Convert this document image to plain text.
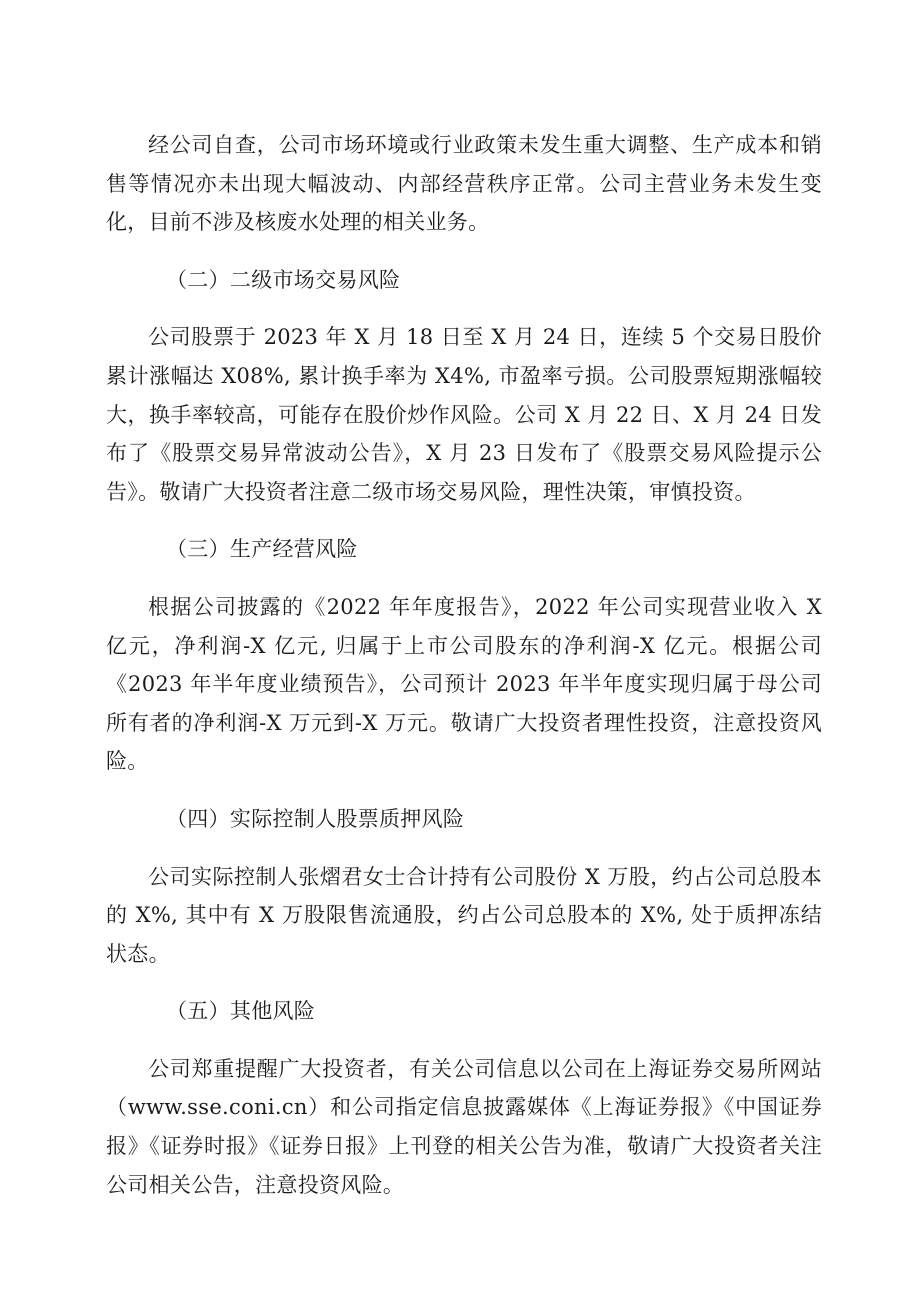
经公司自查，公司市场环境或行业政策未发生重大调整、生产成本和销售等情况亦未出现大幅波动、内部经营秩序正常。公司主营业务未发生变化，目前不涉及核废水处理的相关业务。

（二）二级市场交易风险

公司股票于 2023 年 X 月 18 日至 X 月 24 日，连续 5 个交易日股价累计涨幅达 X08%, 累计换手率为 X4%, 市盈率亏损。公司股票短期涨幅较大，换手率较高，可能存在股价炒作风险。公司 X 月 22 日、X 月 24 日发布了《股票交易异常波动公告》，X 月 23 日发布了《股票交易风险提示公告》。敬请广大投资者注意二级市场交易风险，理性决策，审慎投资。

（三）生产经营风险

根据公司披露的《2022 年年度报告》，2022 年公司实现营业收入 X 亿元，净利润-X 亿元, 归属于上市公司股东的净利润-X 亿元。根据公司《2023 年半年度业绩预告》，公司预计 2023 年半年度实现归属于母公司所有者的净利润-X 万元到-X 万元。敬请广大投资者理性投资，注意投资风险。

（四）实际控制人股票质押风险

公司实际控制人张熠君女士合计持有公司股份 X 万股，约占公司总股本的 X%, 其中有 X 万股限售流通股，约占公司总股本的 X%, 处于质押冻结状态。

（五）其他风险

公司郑重提醒广大投资者，有关公司信息以公司在上海证券交易所网站（www.sse.coni.cn）和公司指定信息披露媒体《上海证券报》《中国证券报》《证券时报》《证券日报》上刊登的相关公告为准，敬请广大投资者关注公司相关公告，注意投资风险。
